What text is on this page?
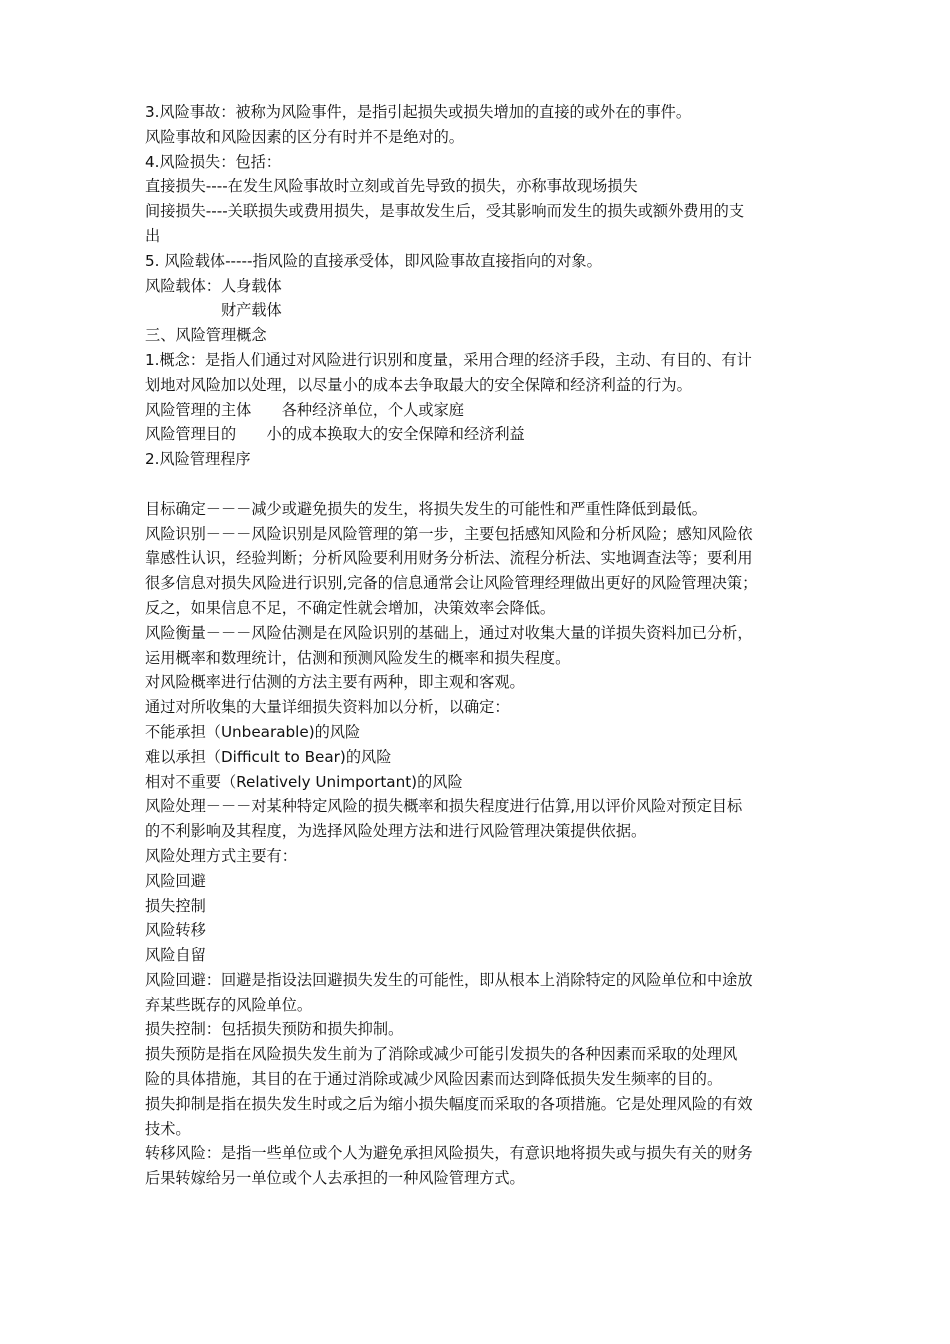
3.风险事故：被称为风险事件，是指引起损失或损失增加的直接的或外在的事件。
风险事故和风险因素的区分有时并不是绝对的。
4.风险损失：包括：
直接损失----在发生风险事故时立刻或首先导致的损失，亦称事故现场损失
间接损失----关联损失或费用损失，是事故发生后，受其影响而发生的损失或额外费用的支
出
5. 风险载体-----指风险的直接承受体，即风险事故直接指向的对象。
风险载体：人身载体
　　　　　财产载体
三、风险管理概念
1.概念：是指人们通过对风险进行识别和度量，采用合理的经济手段，主动、有目的、有计
划地对风险加以处理，以尽量小的成本去争取最大的安全保障和经济利益的行为。
风险管理的主体　　各种经济单位，个人或家庭
风险管理目的　　小的成本换取大的安全保障和经济利益
2.风险管理程序
目标确定－－－减少或避免损失的发生，将损失发生的可能性和严重性降低到最低。
风险识别－－－风险识别是风险管理的第一步，主要包括感知风险和分析风险；感知风险依
靠感性认识，经验判断；分析风险要利用财务分析法、流程分析法、实地调查法等；要利用
很多信息对损失风险进行识别,完备的信息通常会让风险管理经理做出更好的风险管理决策；
反之，如果信息不足，不确定性就会增加，决策效率会降低。
风险衡量－－－风险估测是在风险识别的基础上，通过对收集大量的详损失资料加已分析，
运用概率和数理统计，估测和预测风险发生的概率和损失程度。
对风险概率进行估测的方法主要有两种，即主观和客观。
通过对所收集的大量详细损失资料加以分析，以确定：
不能承担（Unbearable)的风险
难以承担（Difficult to Bear)的风险
相对不重要（Relatively Unimportant)的风险
风险处理－－－对某种特定风险的损失概率和损失程度进行估算,用以评价风险对预定目标
的不利影响及其程度，为选择风险处理方法和进行风险管理决策提供依据。
风险处理方式主要有：
风险回避
损失控制
风险转移
风险自留
风险回避：回避是指设法回避损失发生的可能性，即从根本上消除特定的风险单位和中途放
弃某些既存的风险单位。
损失控制：包括损失预防和损失抑制。
损失预防是指在风险损失发生前为了消除或减少可能引发损失的各种因素而采取的处理风
险的具体措施，其目的在于通过消除或减少风险因素而达到降低损失发生频率的目的。
损失抑制是指在损失发生时或之后为缩小损失幅度而采取的各项措施。它是处理风险的有效
技术。
转移风险：是指一些单位或个人为避免承担风险损失，有意识地将损失或与损失有关的财务
后果转嫁给另一单位或个人去承担的一种风险管理方式。
